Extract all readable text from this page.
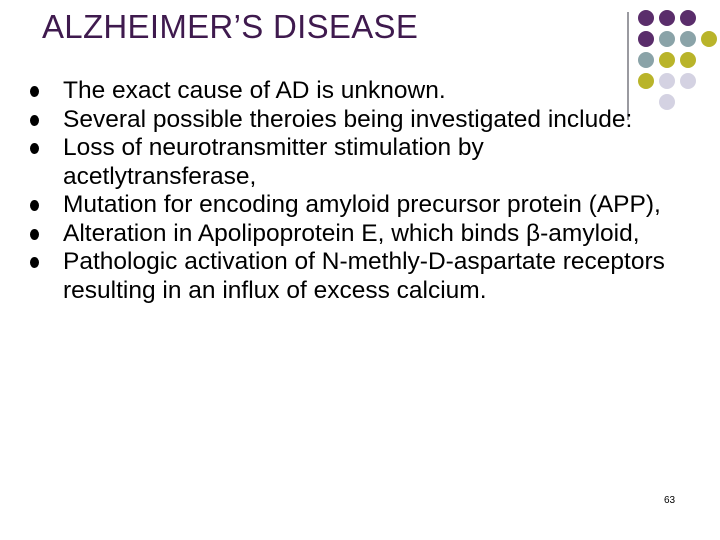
ALZHEIMER’S DISEASE
The exact cause of AD is unknown.
Several possible theroies being investigated include:
Loss of neurotransmitter stimulation by acetlytransferase,
Mutation for encoding amyloid precursor protein (APP),
Alteration in Apolipoprotein E, which binds β-amyloid,
Pathologic activation of N-methly-D-aspartate receptors resulting in an influx of excess calcium.
63
